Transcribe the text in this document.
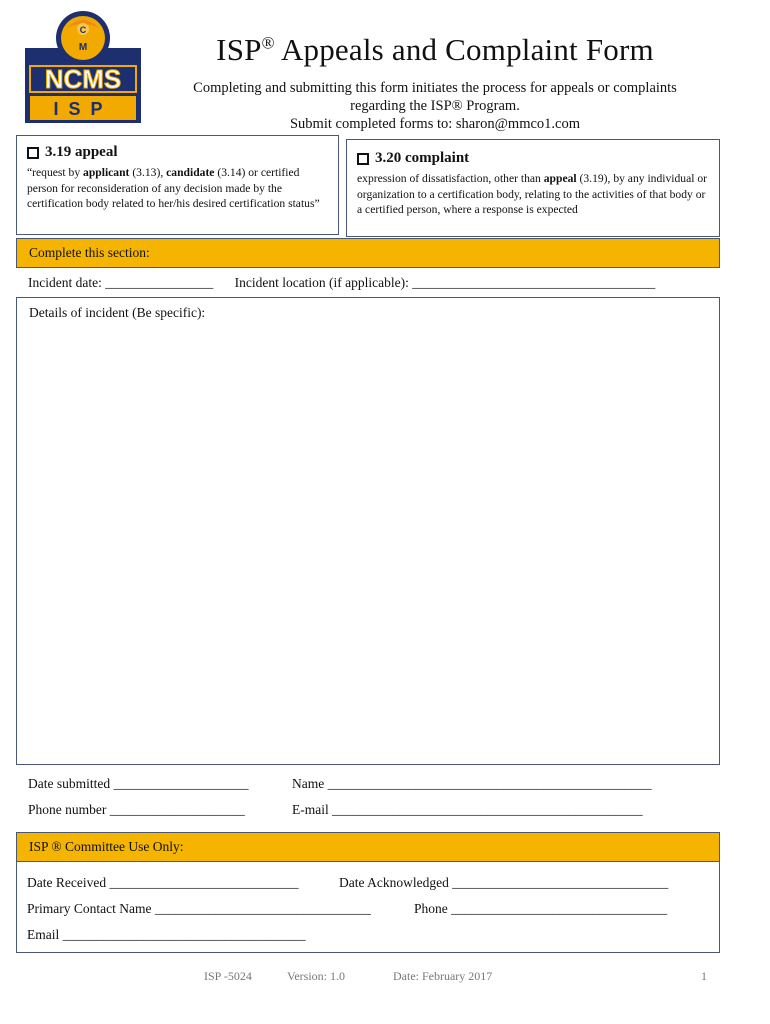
C
M
NCMS
ISP
ISP® Appeals and Complaint Form
Completing and submitting this form initiates the process for appeals or complaints
regarding the ISP® Program.
Submit completed forms to: sharon@mmco1.com
3.19 appeal
“request by applicant (3.13), candidate (3.14) or certified person for reconsideration of any decision made by the certification body related to her/his desired certification status”
3.20 complaint
expression of dissatisfaction, other than appeal (3.19), by any individual or organization to a certification body, relating to the activities of that body or a certified person, where a response is expected
Complete this section:
Incident date: ________________ Incident location (if applicable): ____________________________________
Details of incident (Be specific):
Date submitted ____________________	Name ________________________________________________
Phone number ____________________	E-mail ______________________________________________
ISP ® Committee Use Only:
Date Received ____________________________	Date Acknowledged ________________________________
Primary Contact Name ________________________________	Phone ________________________________
Email ____________________________________
ISP -5024	Version: 1.0	Date: February 2017	1
